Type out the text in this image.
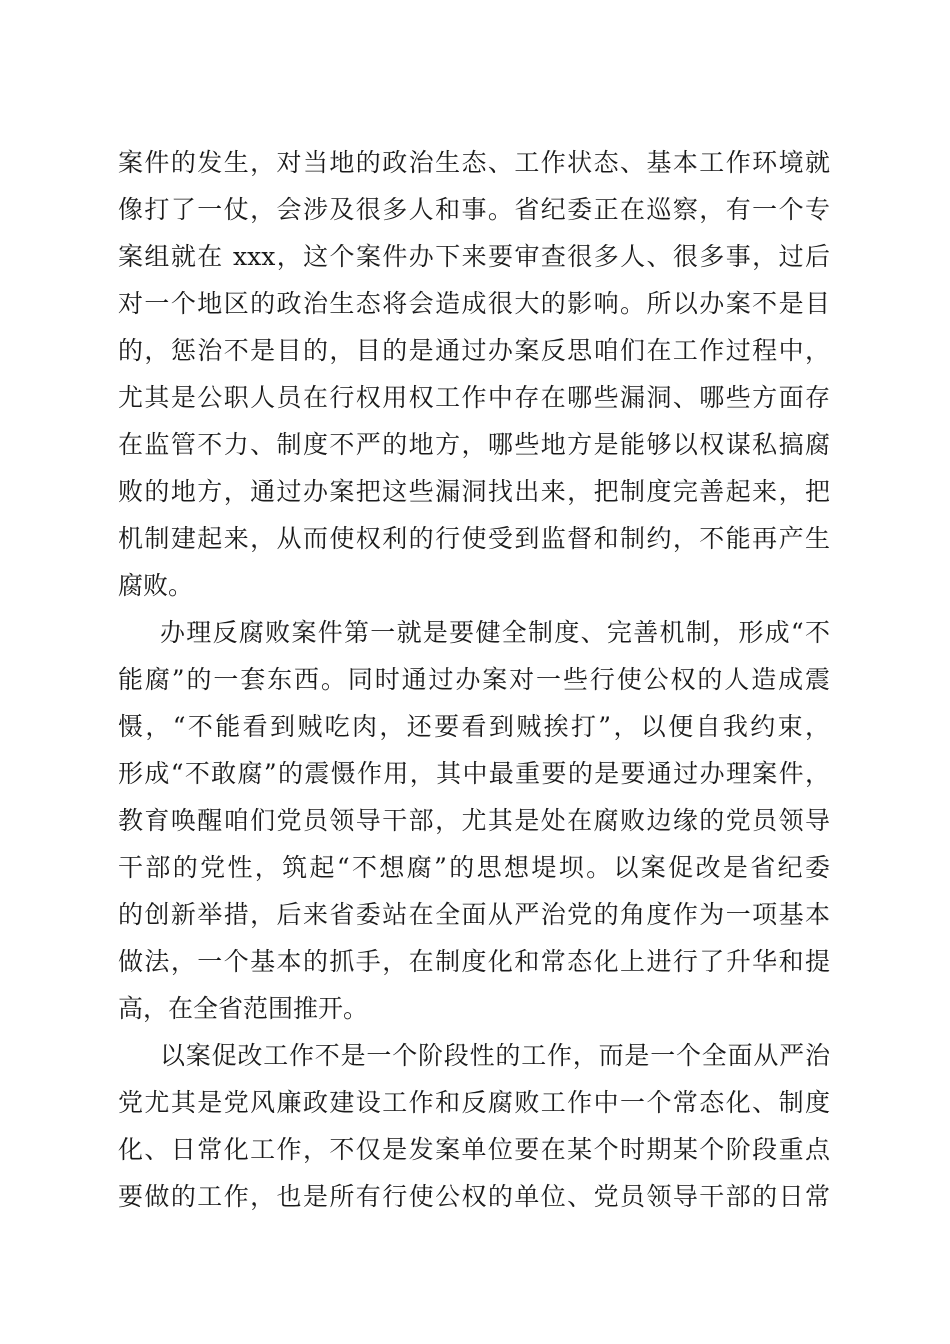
案件的发生，对当地的政治生态、工作状态、基本工作环境就
像打了一仗，会涉及很多人和事。省纪委正在巡察，有一个专
案组就在 xxx，这个案件办下来要审查很多人、很多事，过后
对一个地区的政治生态将会造成很大的影响。所以办案不是目
的，惩治不是目的，目的是通过办案反思咱们在工作过程中，
尤其是公职人员在行权用权工作中存在哪些漏洞、哪些方面存
在监管不力、制度不严的地方，哪些地方是能够以权谋私搞腐
败的地方，通过办案把这些漏洞找出来，把制度完善起来，把
机制建起来，从而使权利的行使受到监督和制约，不能再产生
腐败。
办理反腐败案件第一就是要健全制度、完善机制，形成“不
能腐”的一套东西。同时通过办案对一些行使公权的人造成震
慑，“不能看到贼吃肉，还要看到贼挨打”，以便自我约束，
形成“不敢腐”的震慑作用，其中最重要的是要通过办理案件，
教育唤醒咱们党员领导干部，尤其是处在腐败边缘的党员领导
干部的党性，筑起“不想腐”的思想堤坝。以案促改是省纪委
的创新举措，后来省委站在全面从严治党的角度作为一项基本
做法，一个基本的抓手，在制度化和常态化上进行了升华和提
高，在全省范围推开。
以案促改工作不是一个阶段性的工作，而是一个全面从严治
党尤其是党风廉政建设工作和反腐败工作中一个常态化、制度
化、日常化工作，不仅是发案单位要在某个时期某个阶段重点
要做的工作，也是所有行使公权的单位、党员领导干部的日常
